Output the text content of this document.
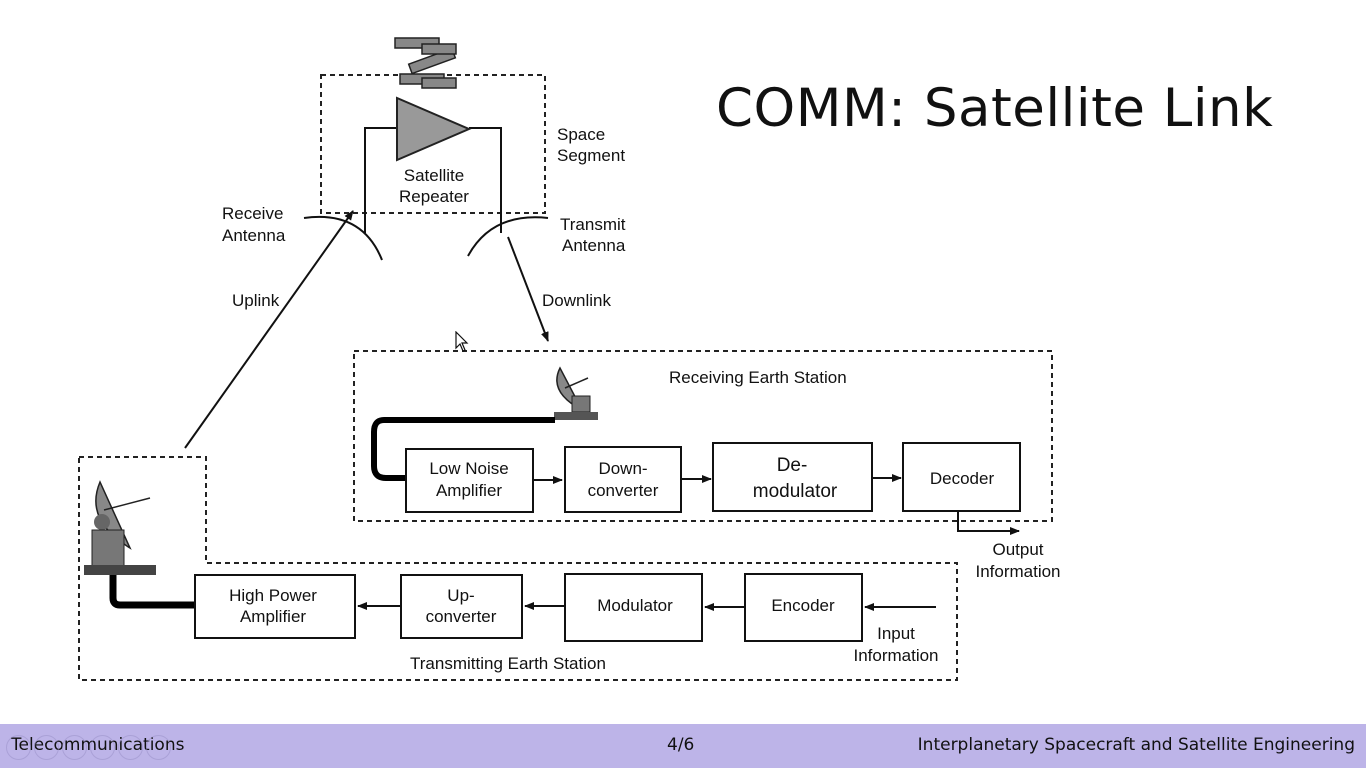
Satellite
Repeater
Space
Segment
Receive
Antenna
Transmit
Antenna
Uplink	Downlink
Receiving Earth Station
Low Noise
Amplifier
Down-
converter
De-
modulator
Decoder
Output
Information
Transmitting Earth Station
High Power
Amplifier
Up-
converter
Modulator	Encoder
Input
Information
COMM: Satellite Link
Telecommunications	4/6	Interplanetary Spacecraft and Satellite Engineering
